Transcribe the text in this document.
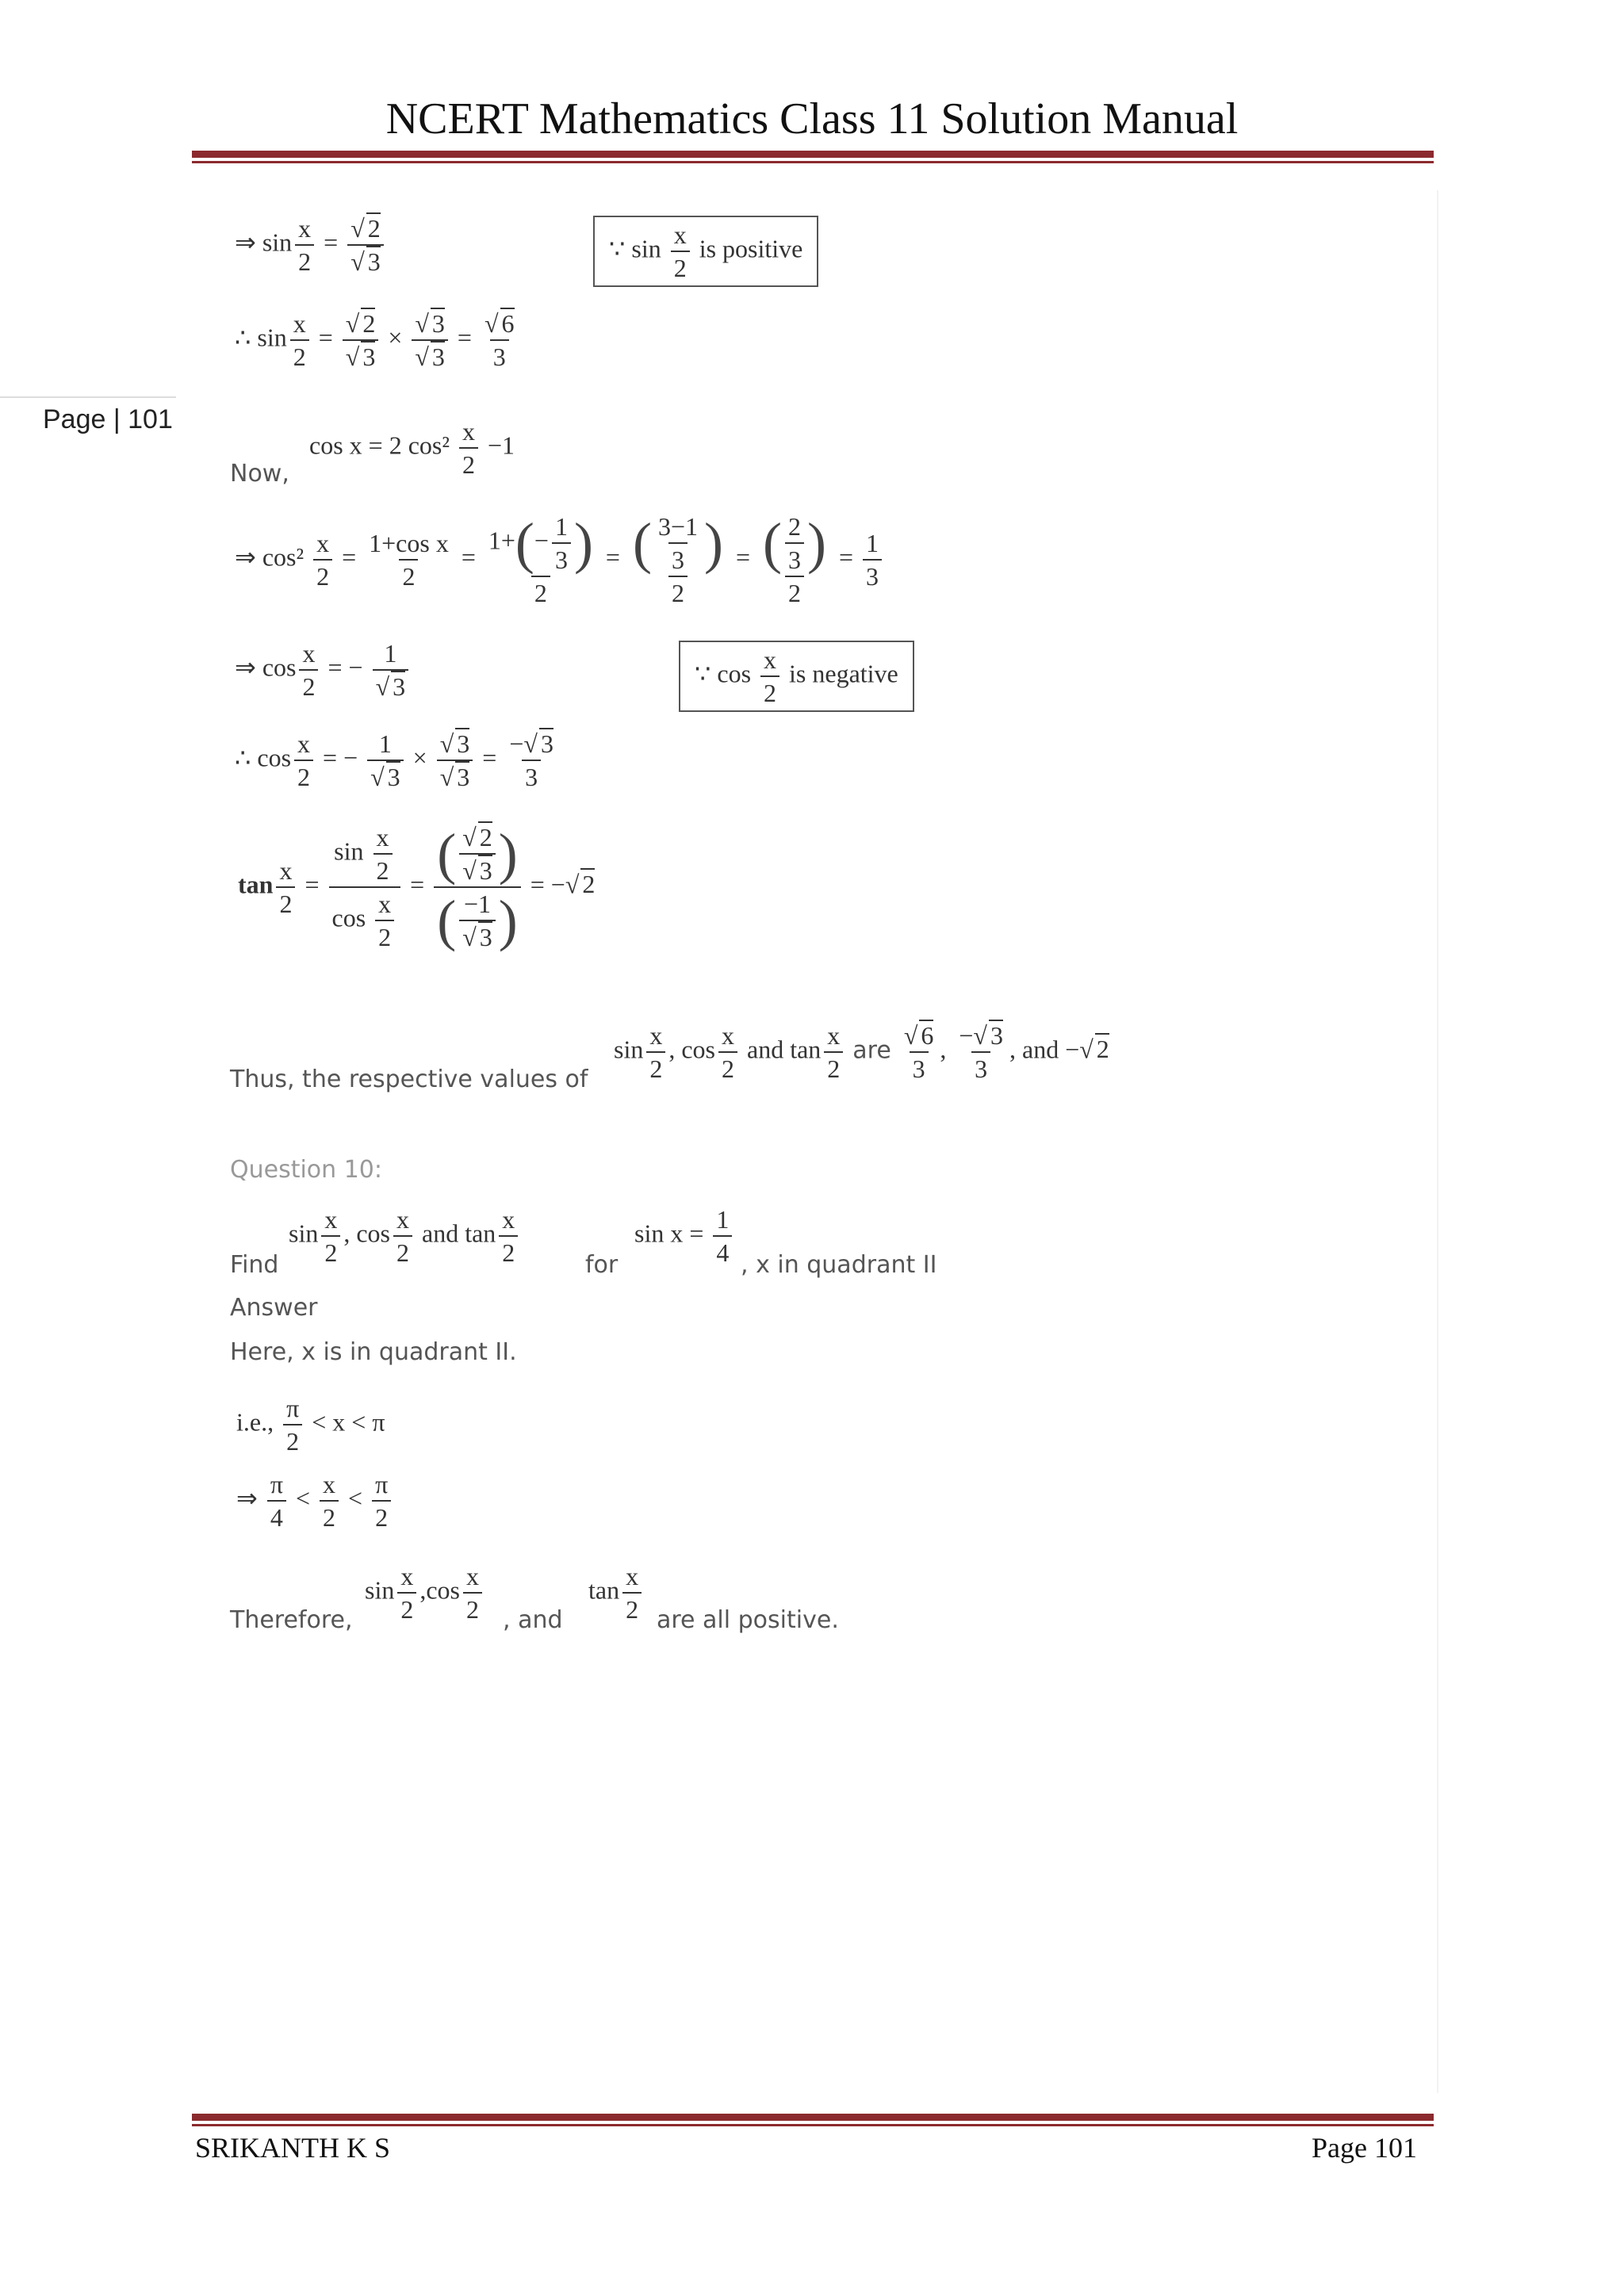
NCERT Mathematics Class 11 Solution Manual
Page | 101
⇒ $\sin \frac{x}{2} = \frac{√ 2}{√ 3}$	∵ $\sin \frac{x}{2}$ is positive
∴ $\sin \frac{x}{2} = \frac{√ 2}{√ 3} \times \frac{√ 3}{√ 3} = \frac{√ 6}{3}$
Now,
cos x = 2 $\cos^2 \frac{x}{2} -1$
⇒ $\cos^2 \frac{x}{2} = \frac{\text{1+cos x}}{2} = \frac{1+(- \frac{1}{3} )}{2} = \frac{( \frac{3-1}{3} )}{2} = \frac{( \frac{2}{3} )}{2} = \frac{1}{3}$
⇒ $\cos \frac{x}{2}$ = − $\frac{1}{√ 3}$	∵ $\cos \frac{x}{2}$ is negative
∴ $\cos \frac{x}{2}$ = − $\frac{1}{√ 3} \times \frac{√ 3}{√ 3} = \frac{-√ 3}{3}$
$\tan \frac{x}{2} = \frac{\sin \frac{x}{2}}{\cos \frac{x}{2}} = \frac{( \frac{√ 2}{√ 3} )}{( \frac{-1}{√ 3} )}$ = −√ 2
Thus, the respective values of
$\sin \frac{x}{2}$ , $\cos \frac{x}{2}$ and $\tan \frac{x}{2}$ are $\frac{√ 6}{3}$ , $\frac{-√ 3}{3}$ , and −√ 2
Question 10:
Find
$\sin \frac{x}{2}$ , $\cos \frac{x}{2}$ and $\tan \frac{x}{2}$	for
$\sin x = \frac{1}{4}$ , x in quadrant II
Answer
Here, x is in quadrant II.
i.e., $\frac{\pi}{2} < x < \pi$
⇒ $\frac{\pi}{4} < \frac{x}{2} < \frac{\pi}{2}$
Therefore,
$\sin \frac{x}{2} ,\cos \frac{x}{2}$ , and
$\tan \frac{x}{2}$ are all positive.
SRIKANTH K S	Page 101
